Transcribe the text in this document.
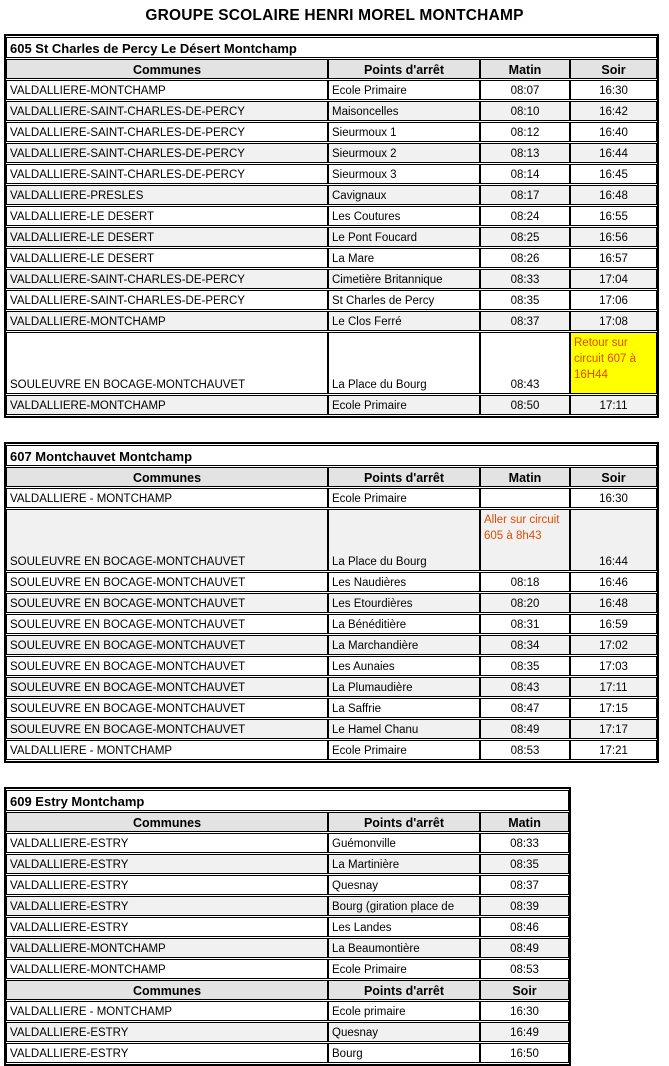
GROUPE SCOLAIRE HENRI MOREL MONTCHAMP
605 St Charles de Percy Le Désert Montchamp			
Communes	Points d'arrêt	Matin	Soir
VALDALLIERE-MONTCHAMP	Ecole Primaire	08:07	16:30
VALDALLIERE-SAINT-CHARLES-DE-PERCY	Maisoncelles	08:10	16:42
VALDALLIERE-SAINT-CHARLES-DE-PERCY	Sieurmoux 1	08:12	16:40
VALDALLIERE-SAINT-CHARLES-DE-PERCY	Sieurmoux 2	08:13	16:44
VALDALLIERE-SAINT-CHARLES-DE-PERCY	Sieurmoux 3	08:14	16:45
VALDALLIERE-PRESLES	Cavignaux	08:17	16:48
VALDALLIERE-LE DESERT	Les Coutures	08:24	16:55
VALDALLIERE-LE DESERT	Le Pont Foucard	08:25	16:56
VALDALLIERE-LE DESERT	La Mare	08:26	16:57
VALDALLIERE-SAINT-CHARLES-DE-PERCY	Cimetière Britannique	08:33	17:04
VALDALLIERE-SAINT-CHARLES-DE-PERCY	St Charles de Percy	08:35	17:06
VALDALLIERE-MONTCHAMP	Le Clos Ferré	08:37	17:08
SOULEUVRE EN BOCAGE-MONTCHAUVET	La Place du Bourg	08:43	Retour sur circuit 607 à 16H44
VALDALLIERE-MONTCHAMP	Ecole Primaire	08:50	17:11
607 Montchauvet Montchamp			
Communes	Points d'arrêt	Matin	Soir
VALDALLIERE - MONTCHAMP	Ecole Primaire		16:30
SOULEUVRE EN BOCAGE-MONTCHAUVET	La Place du Bourg	Aller sur circuit 605 à 8h43	16:44
SOULEUVRE EN BOCAGE-MONTCHAUVET	Les Naudières	08:18	16:46
SOULEUVRE EN BOCAGE-MONTCHAUVET	Les Etourdières	08:20	16:48
SOULEUVRE EN BOCAGE-MONTCHAUVET	La Bénéditière	08:31	16:59
SOULEUVRE EN BOCAGE-MONTCHAUVET	La Marchandière	08:34	17:02
SOULEUVRE EN BOCAGE-MONTCHAUVET	Les Aunaies	08:35	17:03
SOULEUVRE EN BOCAGE-MONTCHAUVET	La Plumaudière	08:43	17:11
SOULEUVRE EN BOCAGE-MONTCHAUVET	La Saffrie	08:47	17:15
SOULEUVRE EN BOCAGE-MONTCHAUVET	Le Hamel Chanu	08:49	17:17
VALDALLIERE - MONTCHAMP	Ecole Primaire	08:53	17:21
609 Estry Montchamp		
Communes	Points d'arrêt	Matin
VALDALLIERE-ESTRY	Guémonville	08:33
VALDALLIERE-ESTRY	La Martinière	08:35
VALDALLIERE-ESTRY	Quesnay	08:37
VALDALLIERE-ESTRY	Bourg (giration place de	08:39
VALDALLIERE-ESTRY	Les Landes	08:46
VALDALLIERE-MONTCHAMP	La Beaumontière	08:49
VALDALLIERE-MONTCHAMP	Ecole Primaire	08:53
Communes	Points d'arrêt	Soir
VALDALLIERE - MONTCHAMP	Ecole primaire	16:30
VALDALLIERE-ESTRY	Quesnay	16:49
VALDALLIERE-ESTRY	Bourg	16:50
